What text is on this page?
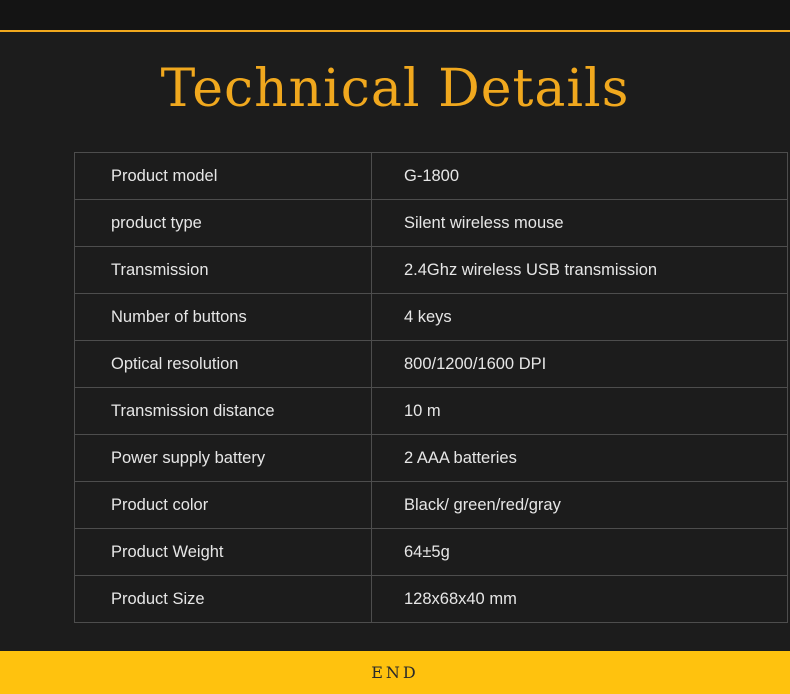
Technical Details
Product model	G-1800
product type	Silent wireless mouse
Transmission	2.4Ghz wireless USB transmission
Number of buttons	4 keys
Optical resolution	800/1200/1600 DPI
Transmission distance	10 m
Power supply battery	2 AAA batteries
Product color	Black/ green/red/gray
Product Weight	64±5g
Product Size	128x68x40 mm
END
